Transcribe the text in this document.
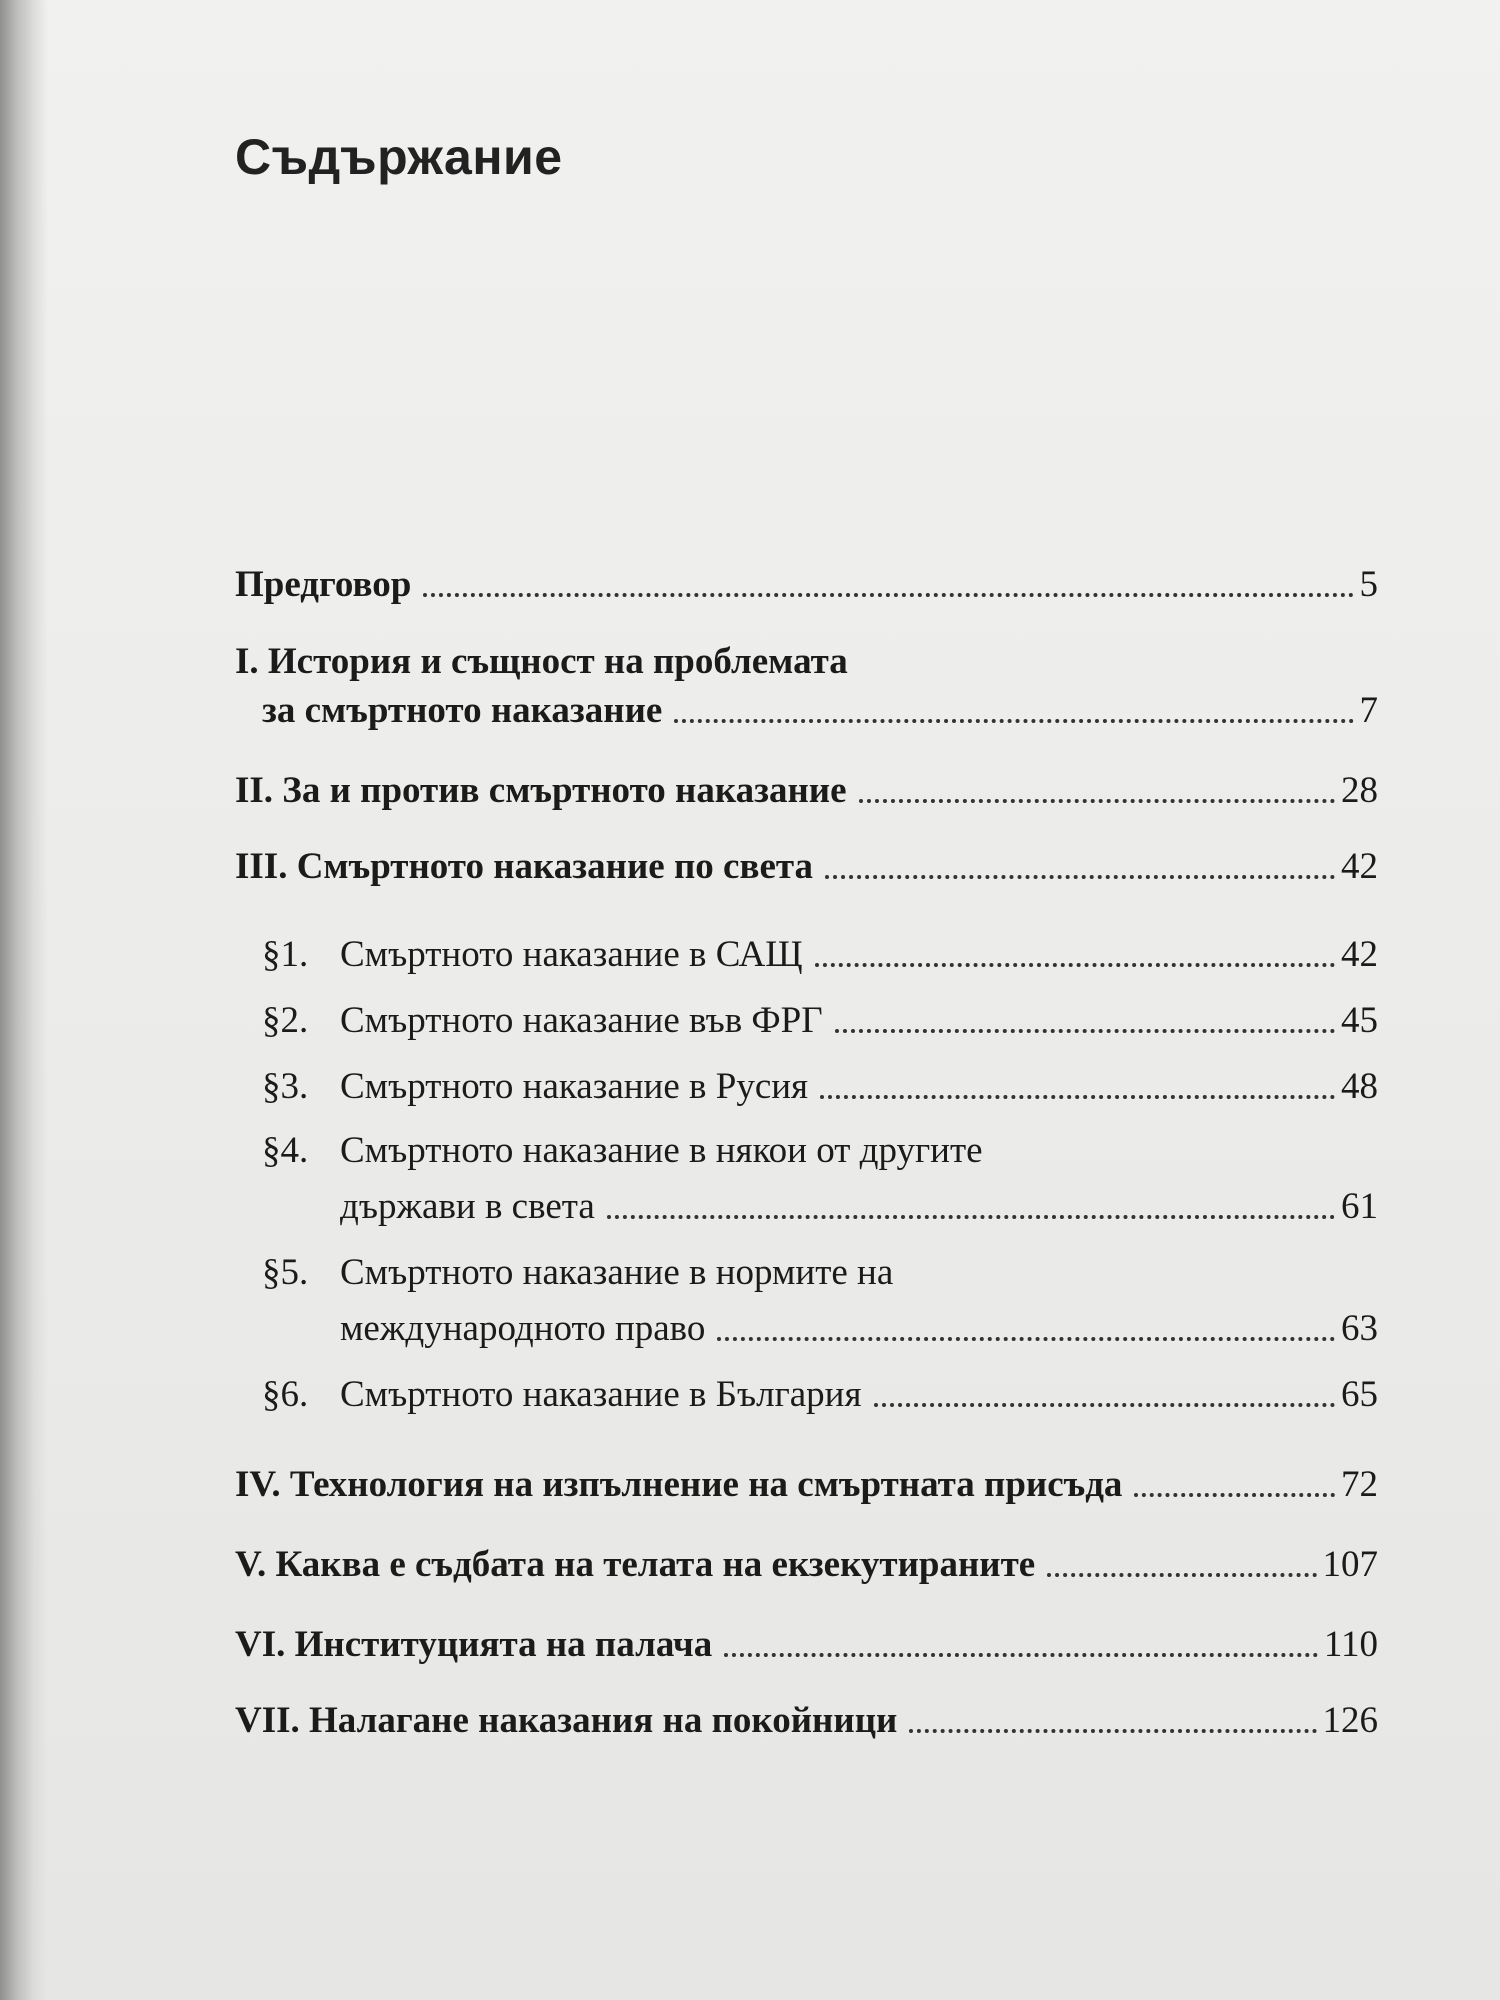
Съдържание
Предговор	5
I. История и същност на проблемата
за смъртното наказание	7
II. За и против смъртното наказание	28
III. Смъртното наказание по света	42
§1. Смъртното наказание в САЩ	42
§2. Смъртното наказание във ФРГ	45
§3. Смъртното наказание в Русия	48
§4. Смъртното наказание в някои от другите
държави в света	61
§5. Смъртното наказание в нормите на
международното право	63
§6. Смъртното наказание в България	65
IV. Технология на изпълнение на смъртната присъда	72
V. Каква е съдбата на телата на екзекутираните	107
VI. Институцията на палача	110
VII. Налагане наказания на покойници	126
